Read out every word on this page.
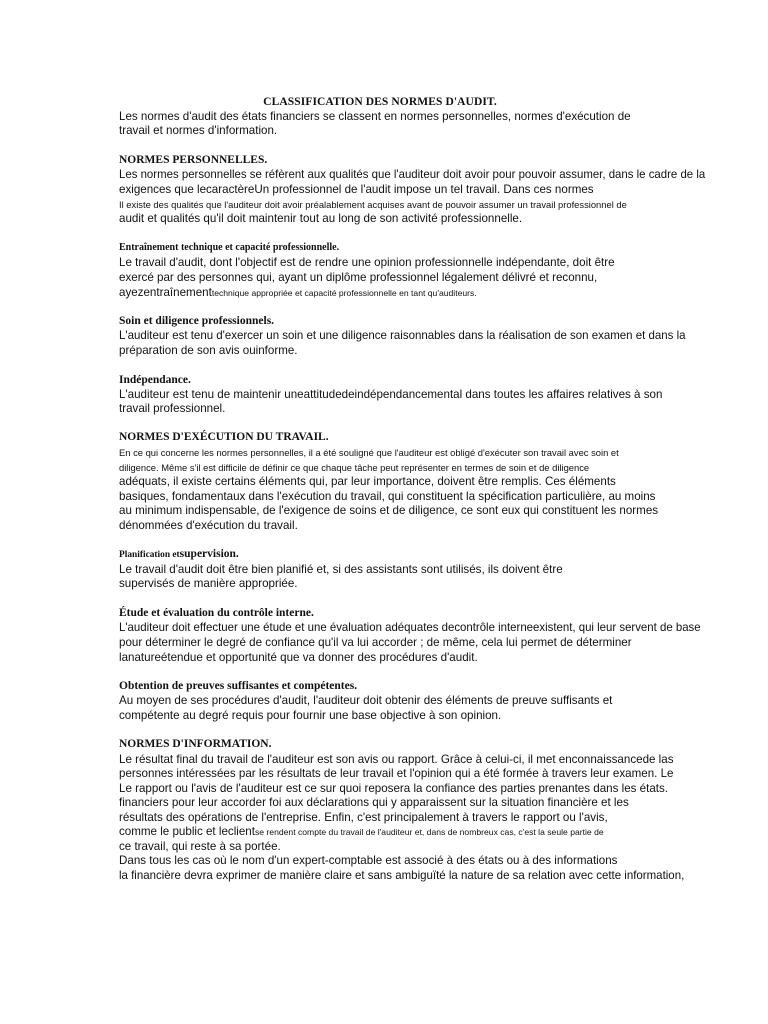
CLASSIFICATION DES NORMES D'AUDIT.
Les normes d'audit des états financiers se classent en normes personnelles, normes d'exécution de
travail et normes d'information.
NORMES PERSONNELLES.
Les normes personnelles se réfèrent aux qualités que l'auditeur doit avoir pour pouvoir assumer, dans le cadre de la
exigences que lecaractèreUn professionnel de l'audit impose un tel travail. Dans ces normes
Il existe des qualités que l'auditeur doit avoir préalablement acquises avant de pouvoir assumer un travail professionnel de
audit et qualités qu'il doit maintenir tout au long de son activité professionnelle.
Entraînement technique et capacité professionnelle.
Le travail d'audit, dont l'objectif est de rendre une opinion professionnelle indépendante, doit être
exercé par des personnes qui, ayant un diplôme professionnel légalement délivré et reconnu,
ayezentraînementtechnique appropriée et capacité professionnelle en tant qu'auditeurs.
Soin et diligence professionnels.
L'auditeur est tenu d'exercer un soin et une diligence raisonnables dans la réalisation de son examen et dans la
préparation de son avis ouinforme.
Indépendance.
L'auditeur est tenu de maintenir uneattitudedeindépendancemental dans toutes les affaires relatives à son
travail professionnel.
NORMES D'EXÉCUTION DU TRAVAIL.
En ce qui concerne les normes personnelles, il a été souligné que l'auditeur est obligé d'exécuter son travail avec soin et
diligence. Même s'il est difficile de définir ce que chaque tâche peut représenter en termes de soin et de diligence
adéquats, il existe certains éléments qui, par leur importance, doivent être remplis. Ces éléments
basiques, fondamentaux dans l'exécution du travail, qui constituent la spécification particulière, au moins
au minimum indispensable, de l'exigence de soins et de diligence, ce sont eux qui constituent les normes
dénommées d'exécution du travail.
Planification etsupervision.
Le travail d'audit doit être bien planifié et, si des assistants sont utilisés, ils doivent être
supervisés de manière appropriée.
Étude et évaluation du contrôle interne.
L'auditeur doit effectuer une étude et une évaluation adéquates decontrôle interneexistent, qui leur servent de base
pour déterminer le degré de confiance qu'il va lui accorder ; de même, cela lui permet de déterminer
lanatureétendue et opportunité que va donner des procédures d'audit.
Obtention de preuves suffisantes et compétentes.
Au moyen de ses procédures d'audit, l'auditeur doit obtenir des éléments de preuve suffisants et
compétente au degré requis pour fournir une base objective à son opinion.
NORMES D'INFORMATION.
Le résultat final du travail de l'auditeur est son avis ou rapport. Grâce à celui-ci, il met enconnaissancede las
personnes intéressées par les résultats de leur travail et l'opinion qui a été formée à travers leur examen. Le
Le rapport ou l'avis de l'auditeur est ce sur quoi reposera la confiance des parties prenantes dans les états.
financiers pour leur accorder foi aux déclarations qui y apparaissent sur la situation financière et les
résultats des opérations de l'entreprise. Enfin, c'est principalement à travers le rapport ou l'avis,
comme le public et leclientse rendent compte du travail de l'auditeur et, dans de nombreux cas, c'est la seule partie de
ce travail, qui reste à sa portée.
Dans tous les cas où le nom d'un expert-comptable est associé à des états ou à des informations
la financière devra exprimer de manière claire et sans ambiguïté la nature de sa relation avec cette information,
